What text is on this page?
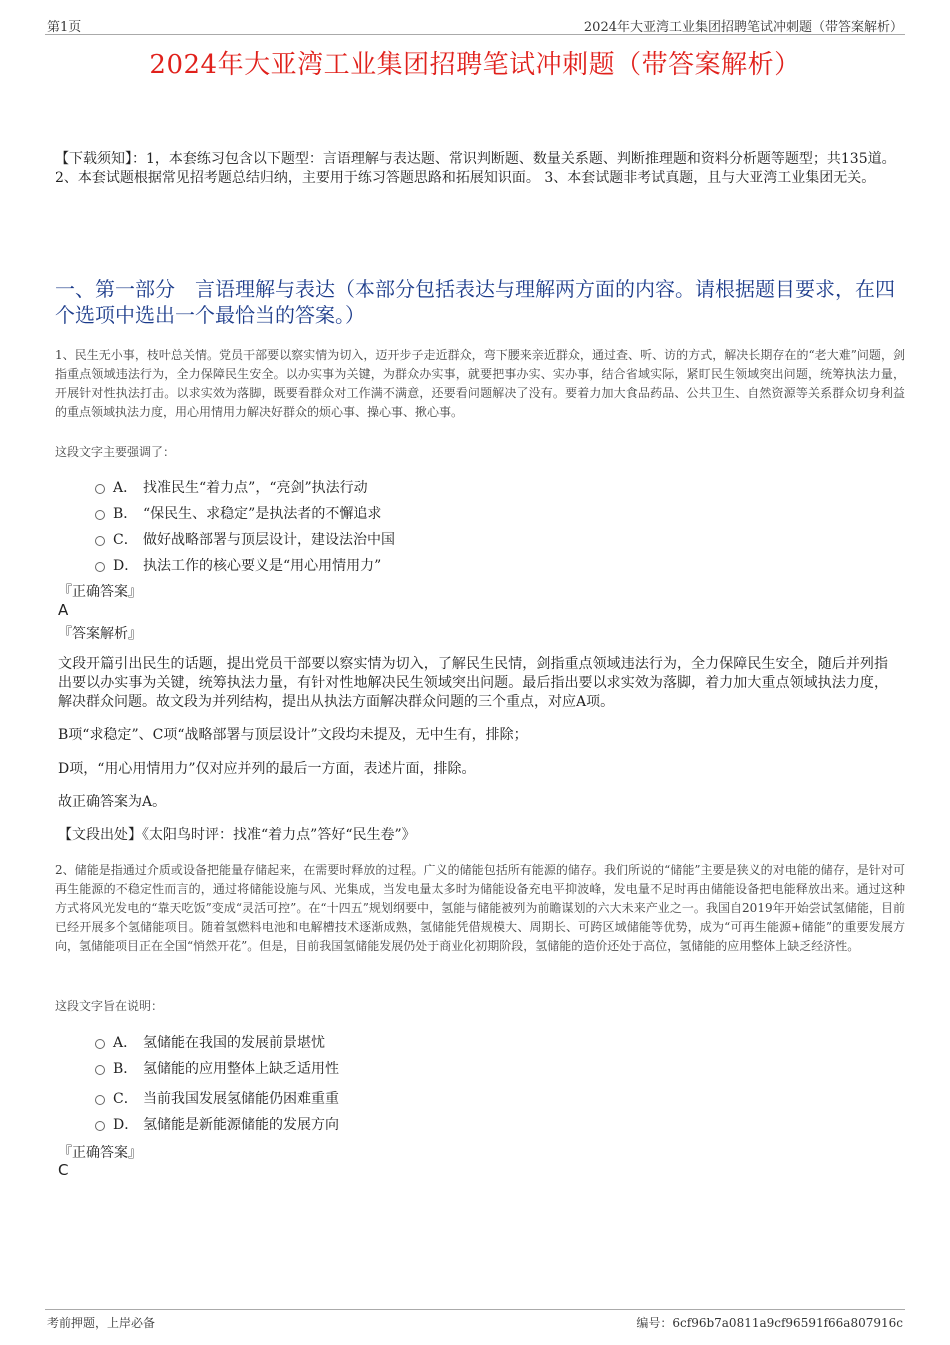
第1页	2024年大亚湾工业集团招聘笔试冲刺题（带答案解析）
2024年大亚湾工业集团招聘笔试冲刺题（带答案解析）
【下载须知】：1，本套练习包含以下题型：言语理解与表达题、常识判断题、数量关系题、判断推理题和资料分析题等题型；共135道。 2、本套试题根据常见招考题总结归纳，主要用于练习答题思路和拓展知识面。 3、本套试题非考试真题，且与大亚湾工业集团无关。
一、第一部分　言语理解与表达（本部分包括表达与理解两方面的内容。请根据题目要求，在四个选项中选出一个最恰当的答案。）
1、民生无小事，枝叶总关情。党员干部要以察实情为切入，迈开步子走近群众，弯下腰来亲近群众，通过查、听、访的方式，解决长期存在的“老大难”问题，剑指重点领域违法行为，全力保障民生安全。以办实事为关键，为群众办实事，就要把事办实、实办事，结合省域实际，紧盯民生领域突出问题，统筹执法力量，开展针对性执法打击。以求实效为落脚，既要看群众对工作满不满意，还要看问题解决了没有。要着力加大食品药品、公共卫生、自然资源等关系群众切身利益的重点领域执法力度，用心用情用力解决好群众的烦心事、操心事、揪心事。
这段文字主要强调了：
A． 找准民生“着力点”，“亮剑”执法行动
B． “保民生、求稳定”是执法者的不懈追求
C． 做好战略部署与顶层设计，建设法治中国
D． 执法工作的核心要义是“用心用情用力”
『正确答案』
A
『答案解析』
文段开篇引出民生的话题，提出党员干部要以察实情为切入，了解民生民情，剑指重点领域违法行为，全力保障民生安全，随后并列指出要以办实事为关键，统筹执法力量，有针对性地解决民生领域突出问题。最后指出要以求实效为落脚，着力加大重点领域执法力度，解决群众问题。故文段为并列结构，提出从执法方面解决群众问题的三个重点，对应A项。
B项“求稳定”、C项“战略部署与顶层设计”文段均未提及，无中生有，排除；
D项，“用心用情用力”仅对应并列的最后一方面，表述片面，排除。
故正确答案为A。
【文段出处】《太阳鸟时评：找准“着力点”答好“民生卷”》
2、储能是指通过介质或设备把能量存储起来，在需要时释放的过程。广义的储能包括所有能源的储存。我们所说的“储能”主要是狭义的对电能的储存，是针对可再生能源的不稳定性而言的，通过将储能设施与风、光集成，当发电量太多时为储能设备充电平抑波峰，发电量不足时再由储能设备把电能释放出来。通过这种方式将风光发电的“靠天吃饭”变成“灵活可控”。在“十四五”规划纲要中，氢能与储能被列为前瞻谋划的六大未来产业之一。我国自2019年开始尝试氢储能，目前已经开展多个氢储能项目。随着氢燃料电池和电解槽技术逐渐成熟，氢储能凭借规模大、周期长、可跨区域储能等优势，成为“可再生能源+储能”的重要发展方向，氢储能项目正在全国“悄然开花”。但是，目前我国氢储能发展仍处于商业化初期阶段，氢储能的造价还处于高位，氢储能的应用整体上缺乏经济性。
这段文字旨在说明：
A． 氢储能在我国的发展前景堪忧
B． 氢储能的应用整体上缺乏适用性
C． 当前我国发展氢储能仍困难重重
D． 氢储能是新能源储能的发展方向
『正确答案』
C
考前押题，上岸必备	编号：6cf96b7a0811a9cf96591f66a807916c
